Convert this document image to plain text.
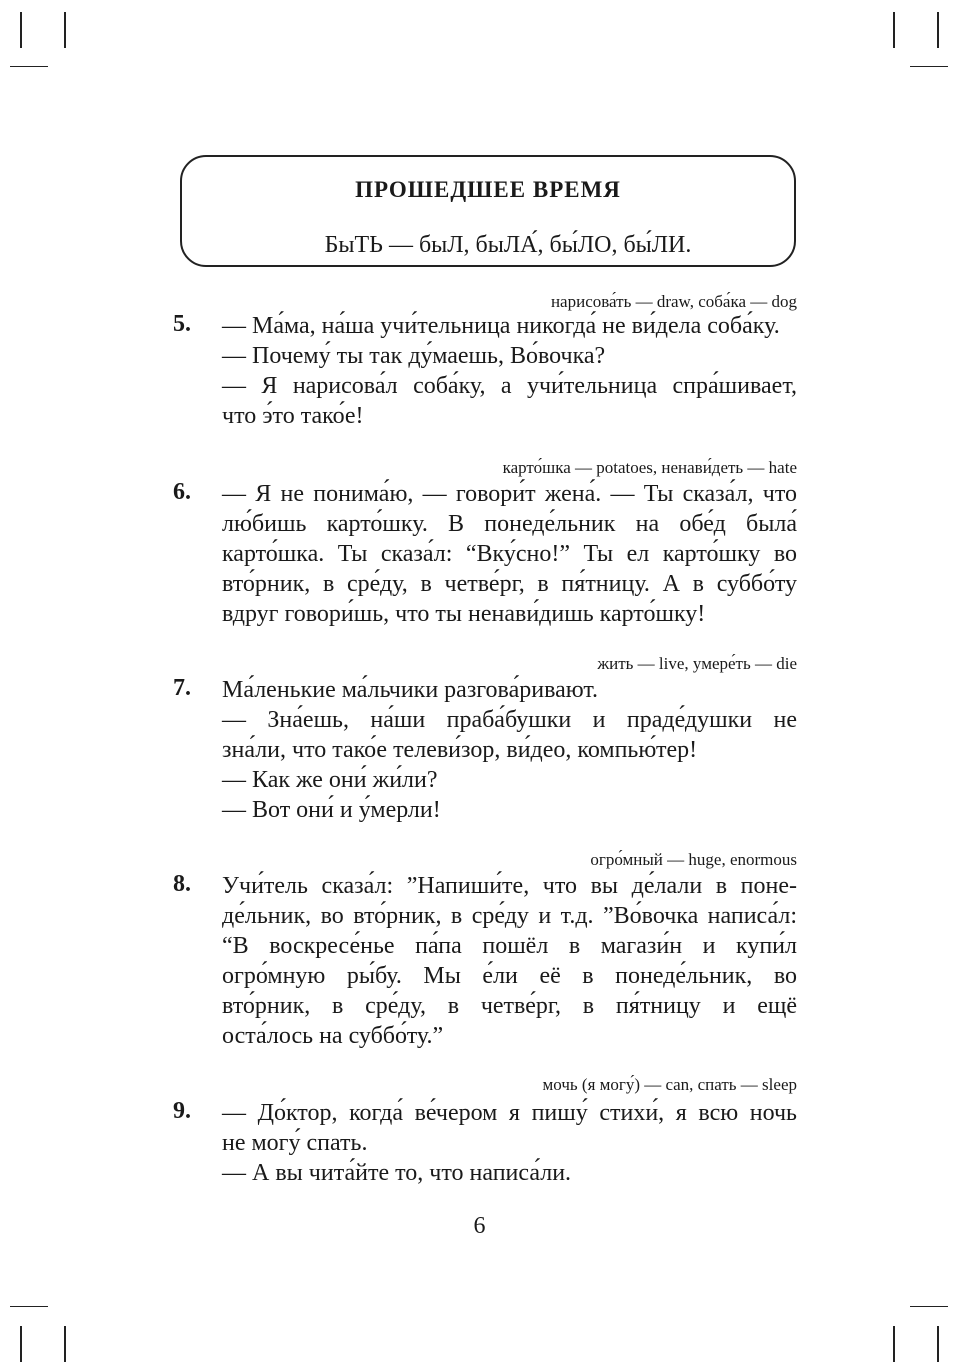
ПРОШЕДШЕЕ ВРЕМЯ
БыТЬ — быЛ, быЛА́, бы́ЛО, бы́ЛИ.
нарисова́ть — draw, соба́ка — dog
5. — Ма́ма, на́ша учи́тельница никогда́ не ви́дела соба́ку.
— Почему́ ты так ду́маешь, Во́вочка?
— Я нарисова́л соба́ку, а учи́тельница спра́шивает,
что э́то тако́е!
карто́шка — potatoes, ненави́деть — hate
6. — Я не понима́ю, — говори́т жена́. — Ты сказа́л, что
лю́бишь карто́шку. В понеде́льник на обе́д была́
карто́шка. Ты сказа́л: “Вку́сно!” Ты ел карто́шку во
вто́рник, в сре́ду, в четве́рг, в пя́тницу. А в суббо́ту
вдруг говори́шь, что ты ненави́дишь карто́шку!
жить — live, умере́ть — die
7. Ма́ленькие ма́льчики разгова́ривают.
— Зна́ешь, на́ши праба́бушки и праде́душки не
зна́ли, что тако́е телеви́зор, ви́део, компью́тер!
— Как же они́ жи́ли?
— Вот они́ и у́мерли!
огро́мный — huge, enormous
8. Учи́тель сказа́л: ”Напиши́те, что вы де́лали в поне-
де́льник, во вто́рник, в сре́ду и т.д. ”Во́вочка написа́л:
“В воскресе́нье па́па пошёл в магази́н и купи́л
огро́мную ры́бу. Мы е́ли её в понеде́льник, во
вто́рник, в сре́ду, в четве́рг, в пя́тницу и ещё
оста́лось на суббо́ту.”
мочь (я могу́) — can, спать — sleep
9. — До́ктор, когда́ ве́чером я пишу́ стихи́, я всю ночь
не могу́ спать.
— А вы чита́йте то, что написа́ли.
6
